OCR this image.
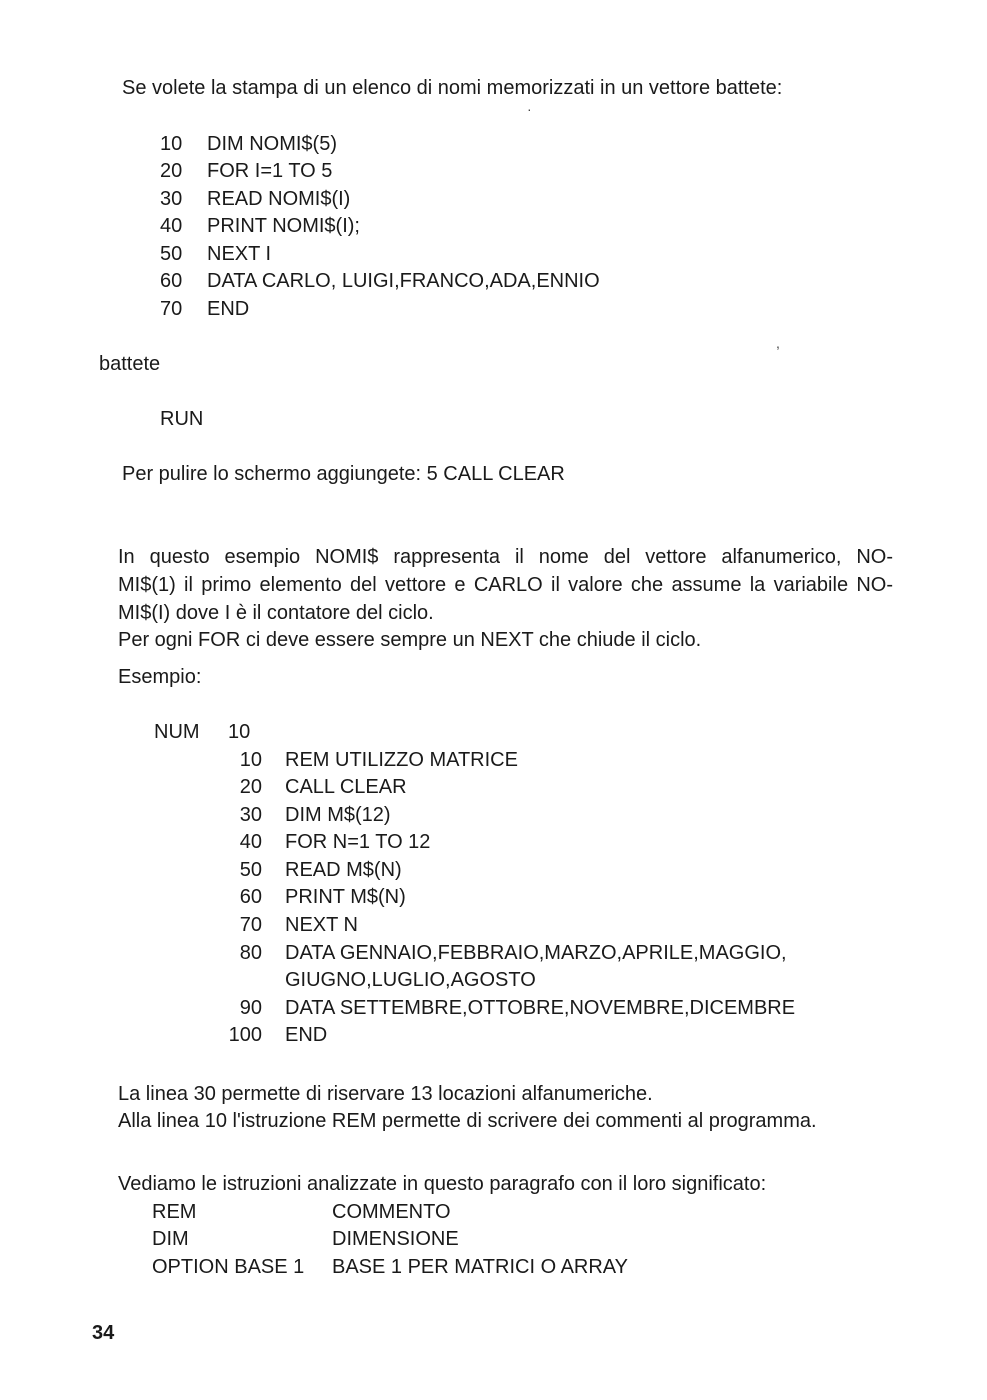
Se volete la stampa di un elenco di nomi memorizzati in un vettore battete:
·
10 DIM NOMI$(5)
20 FOR I=1 TO 5
30 READ NOMI$(I)
40 PRINT NOMI$(I);
50 NEXT I
60 DATA CARLO, LUIGI,FRANCO,ADA,ENNIO
70 END
,
battete
RUN
Per pulire lo schermo aggiungete: 5 CALL CLEAR
In questo esempio NOMI$ rappresenta il nome del vettore alfanumerico, NO-
MI$(1) il primo elemento del vettore e CARLO il valore che assume la variabile NO-
MI$(I) dove I è il contatore del ciclo.
Per ogni FOR ci deve essere sempre un NEXT che chiude il ciclo.
Esempio:
NUM 10
10 REM UTILIZZO MATRICE
20 CALL CLEAR
30 DIM M$(12)
40 FOR N=1 TO 12
50 READ M$(N)
60 PRINT M$(N)
70 NEXT N
80 DATA GENNAIO,FEBBRAIO,MARZO,APRILE,MAGGIO,
GIUGNO,LUGLIO,AGOSTO
90 DATA SETTEMBRE,OTTOBRE,NOVEMBRE,DICEMBRE
100 END
La linea 30 permette di riservare 13 locazioni alfanumeriche.
Alla linea 10 l'istruzione REM permette di scrivere dei commenti al programma.
Vediamo le istruzioni analizzate in questo paragrafo con il loro significato:
REM	COMMENTO
DIM	DIMENSIONE
OPTION BASE 1 BASE 1 PER MATRICI O ARRAY
34
